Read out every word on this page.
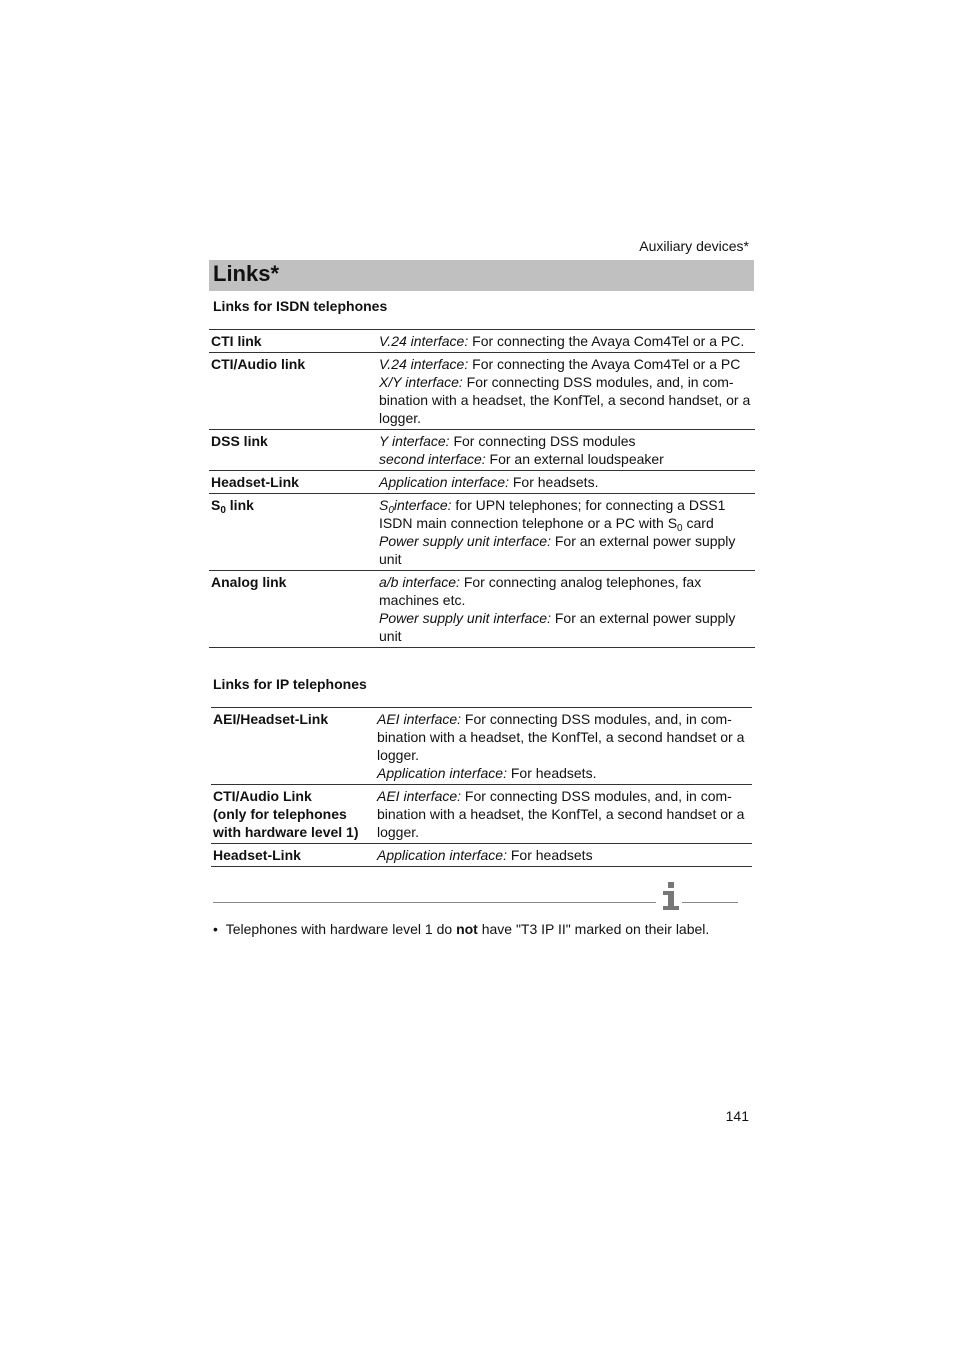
Auxiliary devices*
Links*
Links for ISDN telephones
CTI link	V.24 interface: For connecting the Avaya Com4Tel or a PC.

CTI/Audio link	V.24 interface: For connecting the Avaya Com4Tel or a PC
X/Y interface: For connecting DSS modules, and, in com-bination with a headset, the KonfTel, a second handset, or a logger.

DSS link	Y interface: For connecting DSS modules
second interface: For an external loudspeaker

Headset-Link	Application interface: For headsets.

$S_0$ link	$S_0interface$: for UPN telephones; for connecting a DSS1 ISDN main connection telephone or a PC with $S_0$ card
Power supply unit interface: For an external power supply unit

Analog link	a/b interface: For connecting analog telephones, fax machines etc.
Power supply unit interface: For an external power supply unit
Links for IP telephones
AEI/Headset-Link	AEI interface: For connecting DSS modules, and, in com-bination with a headset, the KonfTel, a second handset or a logger.
Application interface: For headsets.

CTI/Audio Link
(only for telephones
with hardware level 1)	AEI interface: For connecting DSS modules, and, in com-bination with a headset, the KonfTel, a second handset or a logger.

Headset-Link	Application interface: For headsets
• Telephones with hardware level 1 do not have "T3 IP II" marked on their label.
141
